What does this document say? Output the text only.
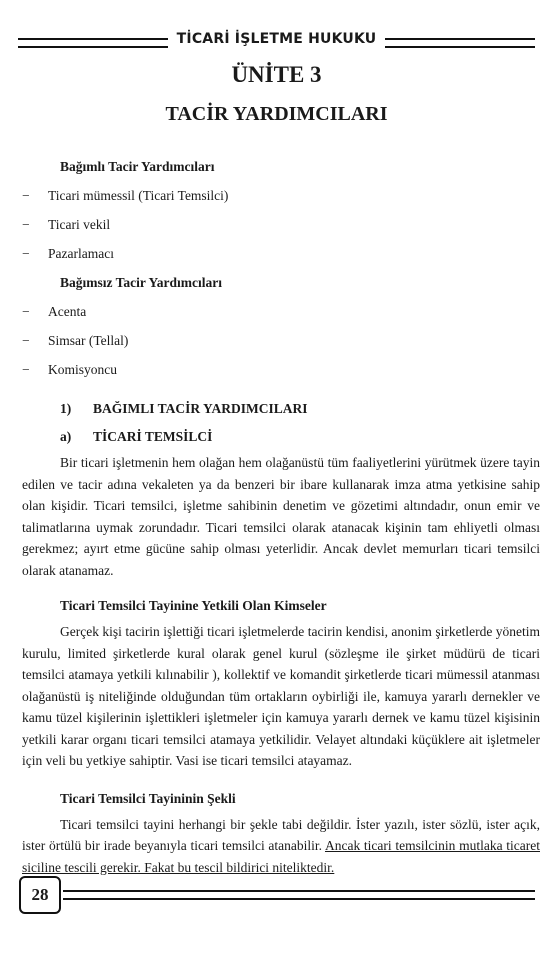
TİCARİ İŞLETME HUKUKU
ÜNİTE 3
TACİR YARDIMCILARI
Bağımlı Tacir Yardımcıları
− Ticari mümessil (Ticari Temsilci)
− Ticari vekil
− Pazarlamacı
Bağımsız Tacir Yardımcıları
− Acenta
− Simsar (Tellal)
− Komisyoncu
1)	BAĞIMLI TACİR YARDIMCILARI
a)	TİCARİ TEMSİLCİ

Bir ticari işletmenin hem olağan hem olağanüstü tüm faaliyetlerini yürütmek üzere tayin edilen ve tacir adına vekaleten ya da benzeri bir ibare kullanarak imza atma yetkisine sahip olan kişidir. Ticari temsilci, işletme sahibinin denetim ve gözetimi altındadır, onun emir ve talimatlarına uymak zorundadır. Ticari temsilci olarak atanacak kişinin tam ehliyetli olması gerekmez; ayırt etme gücüne sahip olması yeterlidir. Ancak devlet memurları ticari temsilci olarak atanamaz.

Ticari Temsilci Tayinine Yetkili Olan Kimseler

Gerçek kişi tacirin işlettiği ticari işletmelerde tacirin kendisi, anonim şirketlerde yönetim kurulu, limited şirketlerde kural olarak genel kurul (sözleşme ile şirket müdürü de ticari temsilci atamaya yetkili kılınabilir ), kollektif ve komandit şirketlerde ticari mümessil atanması olağanüstü iş niteliğinde olduğundan tüm ortakların oybirliği ile, kamuya yararlı dernekler ve kamu tüzel kişilerinin işlettikleri işletmeler için kamuya yararlı dernek ve kamu tüzel kişisinin yetkili karar organı ticari temsilci atamaya yetkilidir. Velayet altındaki küçüklere ait işletmeler için veli bu yetkiye sahiptir. Vasi ise ticari temsilci atayamaz.

Ticari Temsilci Tayininin Şekli

Ticari temsilci tayini herhangi bir şekle tabi değildir. İster yazılı, ister sözlü, ister açık, ister örtülü bir irade beyanıyla ticari temsilci atanabilir. Ancak ticari temsilcinin mutlaka ticaret siciline tescili gerekir. Fakat bu tescil bildirici niteliktedir.

28
